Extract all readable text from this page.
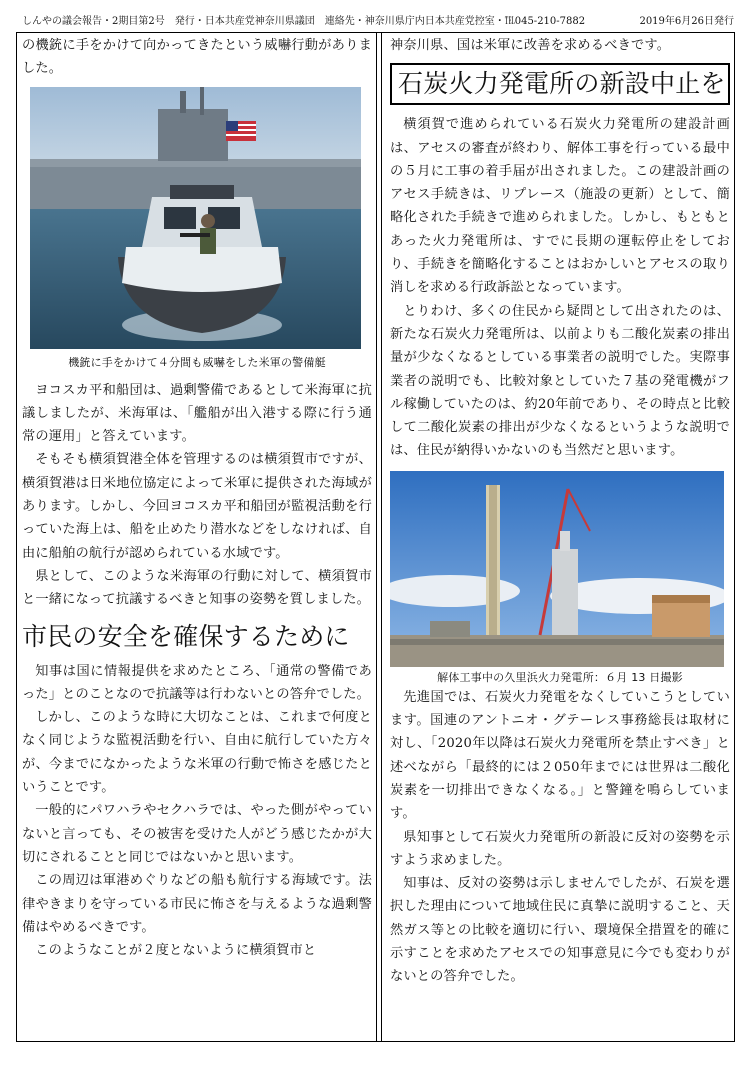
しんやの議会報告・2期目第2号　発行・日本共産党神奈川県議団　連絡先・神奈川県庁内日本共産党控室・℡045-210-7882	2019年6月26日発行

の機銃に手をかけて向かってきたという威嚇行動がありました。

機銃に手をかけて４分間も威嚇をした米軍の警備艇

ヨコスカ平和船団は、過剰警備であるとして米海軍に抗議しましたが、米海軍は、「艦船が出入港する際に行う通常の運用」と答えています。

そもそも横須賀港全体を管理するのは横須賀市ですが、横須賀港は日米地位協定によって米軍に提供された海域があります。しかし、今回ヨコスカ平和船団が監視活動を行っていた海上は、船を止めたり潜水などをしなければ、自由に船舶の航行が認められている水域です。

県として、このような米海軍の行動に対して、横須賀市と一緒になって抗議するべきと知事の姿勢を質しました。

市民の安全を確保するために

知事は国に情報提供を求めたところ、「通常の警備であった」とのことなので抗議等は行わないとの答弁でした。

しかし、このような時に大切なことは、これまで何度となく同じような監視活動を行い、自由に航行していた方々が、今までになかったような米軍の行動で怖さを感じたということです。

一般的にパワハラやセクハラでは、やった側がやっていないと言っても、その被害を受けた人がどう感じたかが大切にされることと同じではないかと思います。

この周辺は軍港めぐりなどの船も航行する海域です。法律やきまりを守っている市民に怖さを与えるような過剰警備はやめるべきです。

このようなことが２度とないように横須賀市と

神奈川県、国は米軍に改善を求めるべきです。

石炭火力発電所の新設中止を

横須賀で進められている石炭火力発電所の建設計画は、アセスの審査が終わり、解体工事を行っている最中の５月に工事の着手届が出されました。この建設計画のアセス手続きは、リプレース（施設の更新）として、簡略化された手続きで進められました。しかし、もともとあった火力発電所は、すでに長期の運転停止をしており、手続きを簡略化することはおかしいとアセスの取り消しを求める行政訴訟となっています。

とりわけ、多くの住民から疑問として出されたのは、新たな石炭火力発電所は、以前よりも二酸化炭素の排出量が少なくなるとしている事業者の説明でした。実際事業者の説明でも、比較対象としていた７基の発電機がフル稼働していたのは、約20年前であり、その時点と比較して二酸化炭素の排出が少なくなるというような説明では、住民が納得いかないのも当然だと思います。

解体工事中の久里浜火力発電所：６月 13 日撮影

先進国では、石炭火力発電をなくしていこうとしています。国連のアントニオ・グテーレス事務総長は取材に対し、「2020年以降は石炭火力発電所を禁止すべき」と述べながら「最終的には２050年までには世界は二酸化炭素を一切排出できなくなる。」と警鐘を鳴らしています。

県知事として石炭火力発電所の新設に反対の姿勢を示すよう求めました。

知事は、反対の姿勢は示しませんでしたが、石炭を選択した理由について地域住民に真摯に説明すること、天然ガス等との比較を適切に行い、環境保全措置を的確に示すことを求めたアセスでの知事意見に今でも変わりがないとの答弁でした。
